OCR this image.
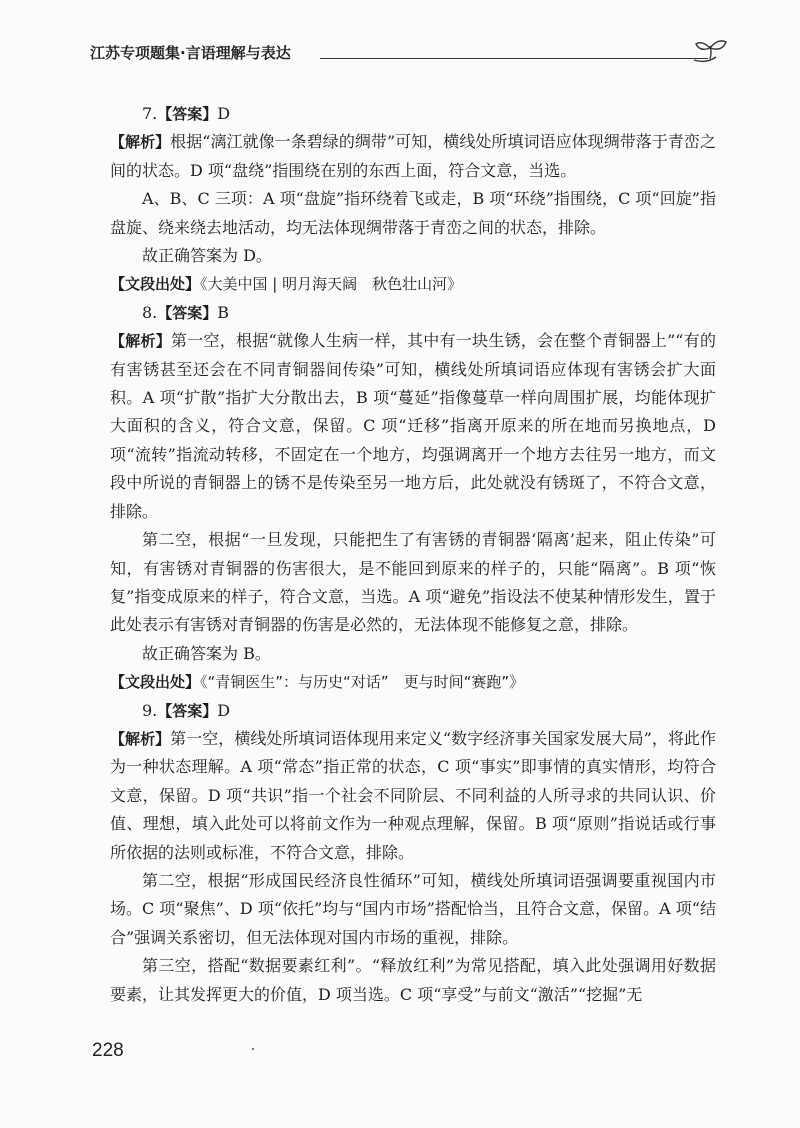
江苏专项题集·言语理解与表达

7.【答案】D

【解析】根据“漓江就像一条碧绿的绸带”可知，横线处所填词语应体现绸带落于青峦之间的状态。D 项“盘绕”指围绕在别的东西上面，符合文意，当选。

A、B、C 三项：A 项“盘旋”指环绕着飞或走，B 项“环绕”指围绕，C 项“回旋”指盘旋、绕来绕去地活动，均无法体现绸带落于青峦之间的状态，排除。

故正确答案为 D。

【文段出处】《大美中国 | 明月海天阔　秋色壮山河》

8.【答案】B

【解析】第一空，根据“就像人生病一样，其中有一块生锈，会在整个青铜器上”“有的有害锈甚至还会在不同青铜器间传染”可知，横线处所填词语应体现有害锈会扩大面积。A 项“扩散”指扩大分散出去，B 项“蔓延”指像蔓草一样向周围扩展，均能体现扩大面积的含义，符合文意，保留。C 项“迁移”指离开原来的所在地而另换地点，D 项“流转”指流动转移，不固定在一个地方，均强调离开一个地方去往另一地方，而文段中所说的青铜器上的锈不是传染至另一地方后，此处就没有锈斑了，不符合文意，排除。

第二空，根据“一旦发现，只能把生了有害锈的青铜器‘隔离’起来，阻止传染”可知，有害锈对青铜器的伤害很大，是不能回到原来的样子的，只能“隔离”。B 项“恢复”指变成原来的样子，符合文意，当选。A 项“避免”指设法不使某种情形发生，置于此处表示有害锈对青铜器的伤害是必然的，无法体现不能修复之意，排除。

故正确答案为 B。

【文段出处】《“青铜医生”：与历史“对话”　更与时间“赛跑”》

9.【答案】D

【解析】第一空，横线处所填词语体现用来定义“数字经济事关国家发展大局”，将此作为一种状态理解。A 项“常态”指正常的状态，C 项“事实”即事情的真实情形，均符合文意，保留。D 项“共识”指一个社会不同阶层、不同利益的人所寻求的共同认识、价值、理想，填入此处可以将前文作为一种观点理解，保留。B 项“原则”指说话或行事所依据的法则或标准，不符合文意，排除。

第二空，根据“形成国民经济良性循环”可知，横线处所填词语强调要重视国内市场。C 项“聚焦”、D 项“依托”均与“国内市场”搭配恰当，且符合文意，保留。A 项“结合”强调关系密切，但无法体现对国内市场的重视，排除。

第三空，搭配“数据要素红利”。“释放红利”为常见搭配，填入此处强调用好数据要素，让其发挥更大的价值，D 项当选。C 项“享受”与前文“激活”“挖掘”无

228
